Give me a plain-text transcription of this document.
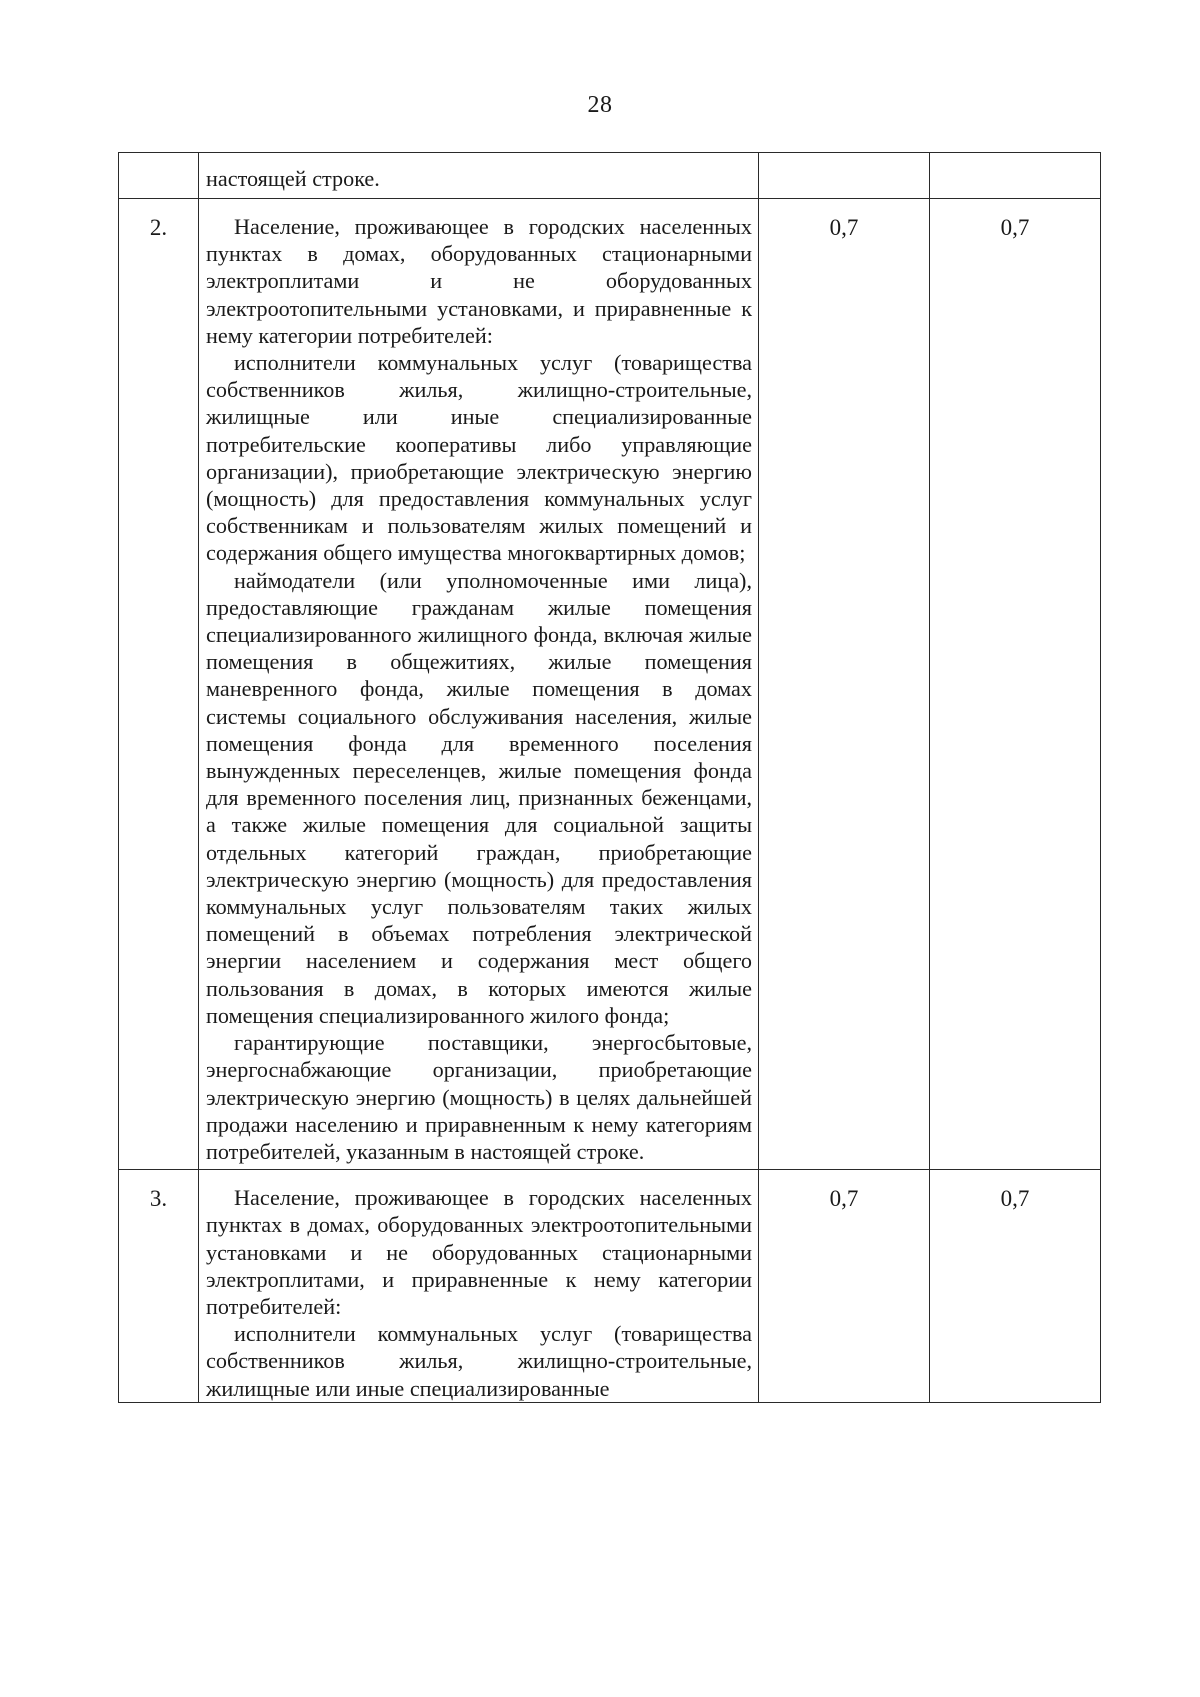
28

	настоящей строке.		

2.	Население, проживающее в городских населенных пунктах в домах, оборудованных стационарными электроплитами и не оборудованных электроотопительными установками, и приравненные к нему категории потребителей:

исполнители коммунальных услуг (товарищества собственников жилья, жилищно-строительные, жилищные или иные специализированные потребительские кооперативы либо управляющие организации), приобретающие электрическую энергию (мощность) для предоставления коммунальных услуг собственникам и пользователям жилых помещений и содержания общего имущества многоквартирных домов;

наймодатели (или уполномоченные ими лица), предоставляющие гражданам жилые помещения специализированного жилищного фонда, включая жилые помещения в общежитиях, жилые помещения маневренного фонда, жилые помещения в домах системы социального обслуживания населения, жилые помещения фонда для временного поселения вынужденных переселенцев, жилые помещения фонда для временного поселения лиц, признанных беженцами, а также жилые помещения для социальной защиты отдельных категорий граждан, приобретающие электрическую энергию (мощность) для предоставления коммунальных услуг пользователям таких жилых помещений в объемах потребления электрической энергии населением и содержания мест общего пользования в домах, в которых имеются жилые помещения специализированного жилого фонда;

гарантирующие поставщики, энергосбытовые, энергоснабжающие организации, приобретающие электрическую энергию (мощность) в целях дальнейшей продажи населению и приравненным к нему категориям потребителей, указанным в настоящей строке.	0,7	0,7
3.	Население, проживающее в городских населенных пунктах в домах, оборудованных электроотопительными установками и не оборудованных стационарными электроплитами, и приравненные к нему категории потребителей:

исполнители коммунальных услуг (товарищества собственников жилья, жилищно-строительные, жилищные или иные специализированные	0,7	0,7
